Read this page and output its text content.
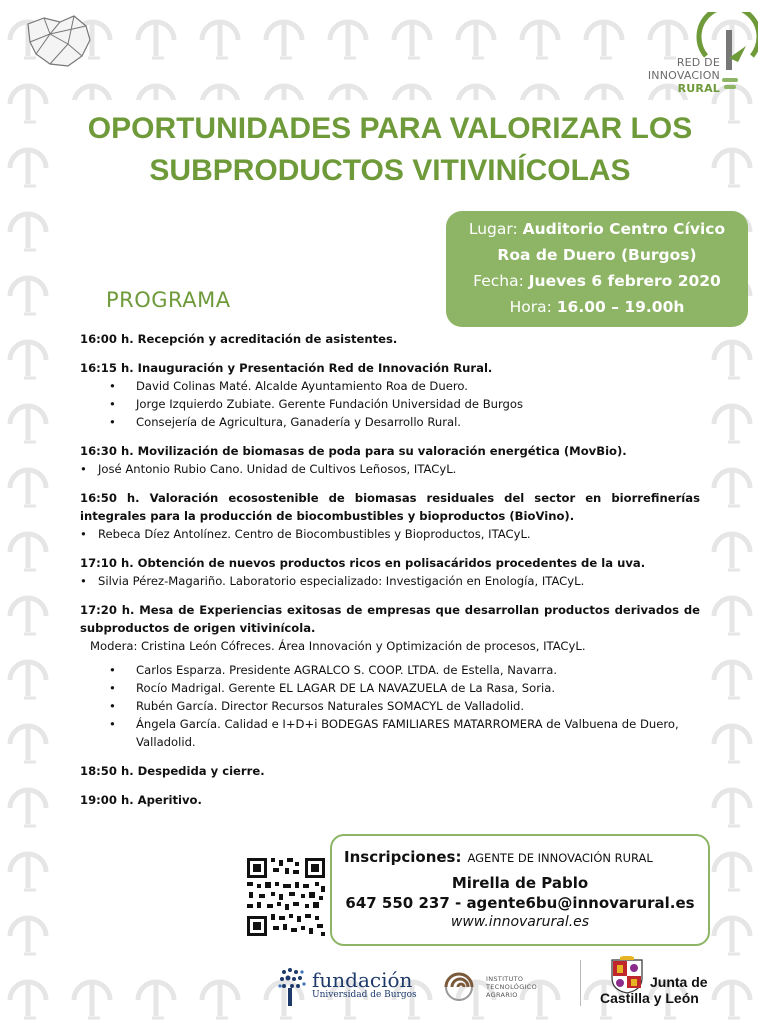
RED DE
INNOVACION
RURAL
OPORTUNIDADES PARA VALORIZAR LOS
SUBPRODUCTOS VITIVINÍCOLAS
Lugar: Auditorio Centro Cívico
Roa de Duero (Burgos)
Fecha: Jueves 6 febrero 2020
Hora: 16.00 – 19.00h
PROGRAMA
16:00 h. Recepción y acreditación de asistentes.
16:15 h. Inauguración y Presentación Red de Innovación Rural.
• David Colinas Maté. Alcalde Ayuntamiento Roa de Duero.
• Jorge Izquierdo Zubiate. Gerente Fundación Universidad de Burgos
• Consejería de Agricultura, Ganadería y Desarrollo Rural.
16:30 h. Movilización de biomasas de poda para su valoración energética (MovBio).
• José Antonio Rubio Cano. Unidad de Cultivos Leñosos, ITACyL.
16:50 h. Valoración ecosostenible de biomasas residuales del sector en biorrefinerías integrales para la producción de biocombustibles y bioproductos (BioVino).
• Rebeca Díez Antolínez. Centro de Biocombustibles y Bioproductos, ITACyL.
17:10 h. Obtención de nuevos productos ricos en polisacáridos procedentes de la uva.
• Silvia Pérez-Magariño. Laboratorio especializado: Investigación en Enología, ITACyL.
17:20 h. Mesa de Experiencias exitosas de empresas que desarrollan productos derivados de subproductos de origen vitivinícola.
Modera: Cristina León Cófreces. Área Innovación y Optimización de procesos, ITACyL.
• Carlos Esparza. Presidente AGRALCO S. COOP. LTDA. de Estella, Navarra.
• Rocío Madrigal. Gerente EL LAGAR DE LA NAVAZUELA de La Rasa, Soria.
• Rubén García. Director Recursos Naturales SOMACYL de Valladolid.
• Ángela García. Calidad e I+D+i BODEGAS FAMILIARES MATARROMERA de Valbuena de Duero, Valladolid.
18:50 h. Despedida y cierre.
19:00 h. Aperitivo.
Inscripciones: AGENTE DE INNOVACIÓN RURAL
Mirella de Pablo
647 550 237 - agente6bu@innovarural.es
www.innovarural.es
fundación
Universidad de Burgos
INSTITUTO
TECNOLÓGICO
AGRARIO
Junta de
Castilla y León
